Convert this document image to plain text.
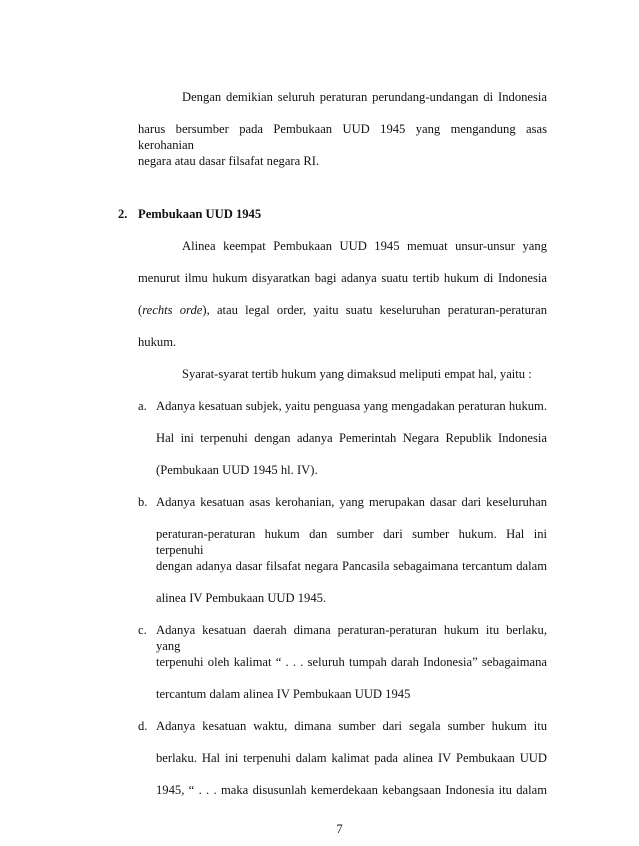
Dengan demikian seluruh peraturan perundang-undangan di Indonesia
harus bersumber pada Pembukaan UUD 1945 yang mengandung asas kerohanian
negara atau dasar filsafat negara RI.
2. Pembukaan UUD 1945
Alinea keempat Pembukaan UUD 1945 memuat unsur-unsur yang
menurut ilmu hukum disyaratkan bagi adanya suatu tertib hukum di Indonesia
(rechts orde), atau legal order, yaitu suatu keseluruhan peraturan-peraturan
hukum.
Syarat-syarat tertib hukum yang dimaksud meliputi empat hal, yaitu :
a. Adanya kesatuan subjek, yaitu penguasa yang mengadakan peraturan hukum.
Hal ini terpenuhi dengan adanya Pemerintah Negara Republik Indonesia
(Pembukaan UUD 1945 hl. IV).
b. Adanya kesatuan asas kerohanian, yang merupakan dasar dari keseluruhan
peraturan-peraturan hukum dan sumber dari sumber hukum. Hal ini terpenuhi
dengan adanya dasar filsafat negara Pancasila sebagaimana tercantum dalam
alinea IV Pembukaan UUD 1945.
c. Adanya kesatuan daerah dimana peraturan-peraturan hukum itu berlaku, yang
terpenuhi oleh kalimat “ . . . seluruh tumpah darah Indonesia” sebagaimana
tercantum dalam alinea IV Pembukaan UUD 1945
d. Adanya kesatuan waktu, dimana sumber dari segala sumber hukum itu
berlaku. Hal ini terpenuhi dalam kalimat pada alinea IV Pembukaan UUD
1945, “ . . . maka disusunlah kemerdekaan kebangsaan Indonesia itu dalam
7
